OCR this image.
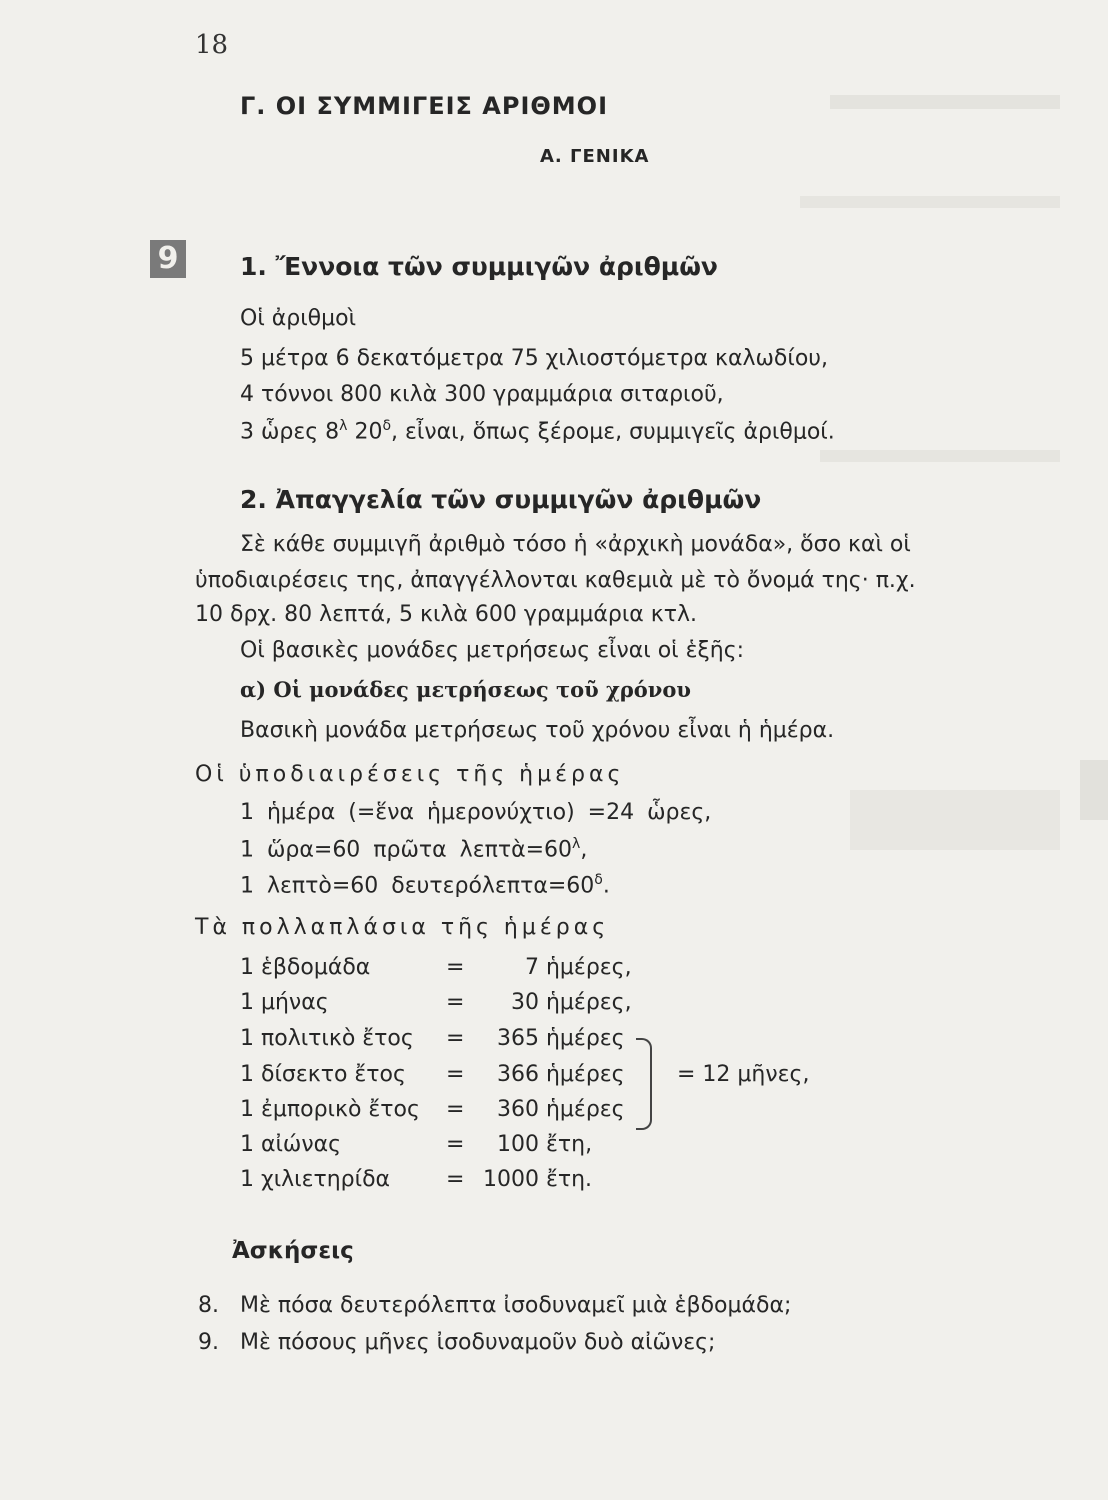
18
Γ. ΟΙ ΣΥΜΜΙΓΕΙΣ ΑΡΙΘΜΟΙ
Α. ΓΕΝΙΚΑ
9 1. Ἔννοια τῶν συμμιγῶν ἀριθμῶν
Οἱ ἀριθμοὶ
5 μέτρα 6 δεκατόμετρα 75 χιλιοστόμετρα καλωδίου,
4 τόννοι 800 κιλὰ 300 γραμμάρια σιταριοῦ,
3 ὧρες $8^\lambda$ $20^\delta$, εἶναι, ὅπως ξέρομε, συμμιγεῖς ἀριθμοί.
2. Ἀπαγγελία τῶν συμμιγῶν ἀριθμῶν
Σὲ κάθε συμμιγῆ ἀριθμὸ τόσο ἡ «ἀρχικὴ μονάδα», ὅσο καὶ οἱ
ὑποδιαιρέσεις της, ἀπαγγέλλονται καθεμιὰ μὲ τὸ ὄνομά της· π.χ.
10 δρχ. 80 λεπτά, 5 κιλὰ 600 γραμμάρια κτλ.
Οἱ βασικὲς μονάδες μετρήσεως εἶναι οἱ ἑξῆς:
α) Οἱ μονάδες μετρήσεως τοῦ χρόνου
Βασικὴ μονάδα μετρήσεως τοῦ χρόνου εἶναι ἡ ἡμέρα.
Οἱ ὑποδιαιρέσεις τῆς ἡμέρας
1 ἡμέρα (=ἕνα ἡμερονύχτιο) =24 ὧρες,
1 ὥρα=60 πρῶτα $\lambda\varepsilon\pi\tau ὰ=60^\lambda$,
1 λεπτὸ=60 $\delta\varepsilon\upsilon\tau\varepsilon\rho ό\lambda\varepsilon\pi\tau\alpha=60^\delta$.
Τὰ πολλαπλάσια τῆς ἡμέρας
1 ἑβδομάδα	=	7 ἡμέρες,
1 μήνας	= 30 ἡμέρες,
1 πολιτικὸ ἔτος = 365 ἡμέρες
1 δίσεκτο ἔτος = 366 ἡμέρες
1 ἐμπορικὸ ἔτος = 360 ἡμέρες
1 αἰώνας	= 100 ἔτη,
1 χιλιετηρίδα	= 1000 ἔτη.
= 12 μῆνες,
Ἀσκήσεις
8. Μὲ πόσα δευτερόλεπτα ἰσοδυναμεῖ μιὰ ἑβδομάδα;
9. Μὲ πόσους μῆνες ἰσοδυναμοῦν δυὸ αἰῶνες;
